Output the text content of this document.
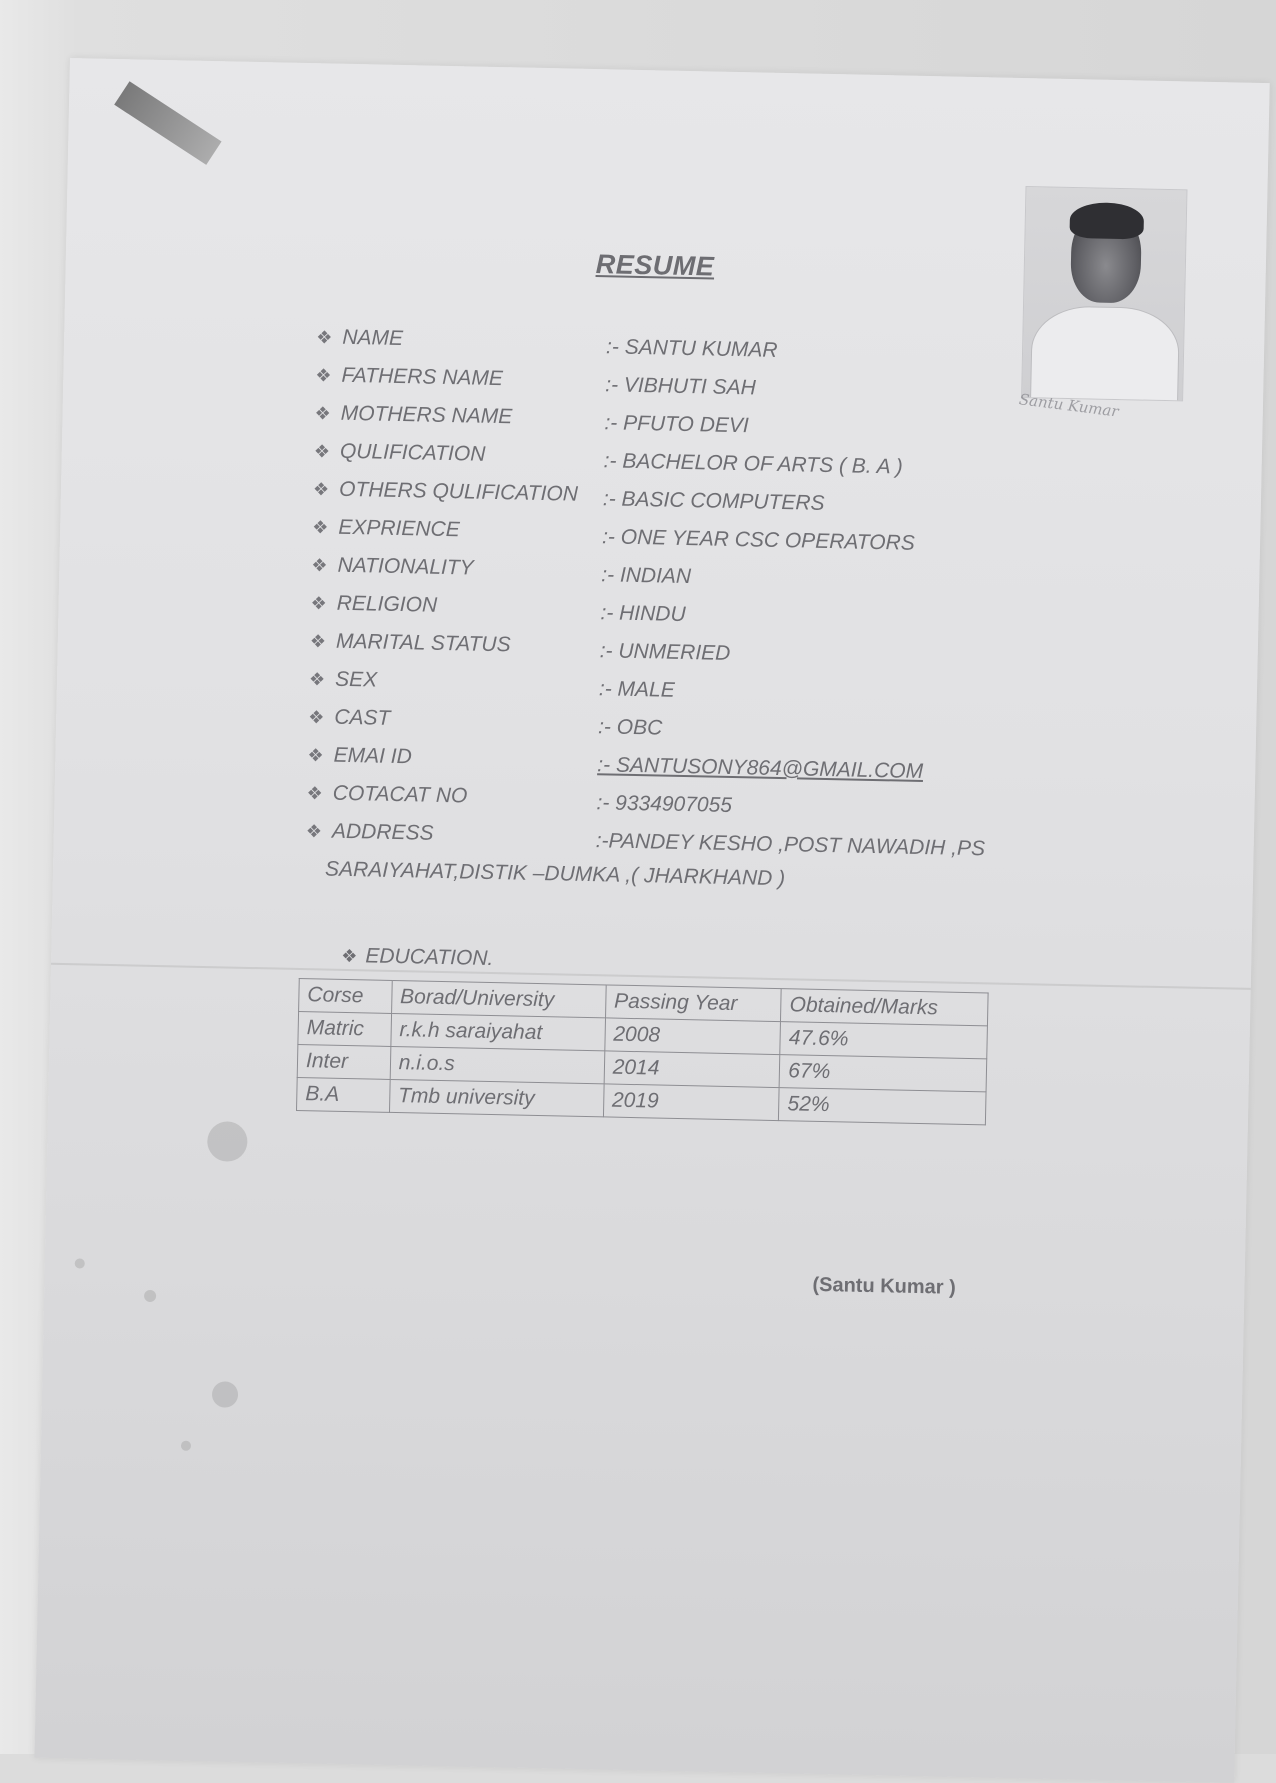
RESUME
Santu Kumar
❖ NAME	:- SANTU KUMAR
❖ FATHERS NAME	:- VIBHUTI SAH
❖ MOTHERS NAME	:- PFUTO DEVI
❖ QULIFICATION	:- BACHELOR OF ARTS ( B. A )
❖ OTHERS QULIFICATION :- BASIC COMPUTERS
❖ EXPRIENCE	:- ONE YEAR CSC OPERATORS
❖ NATIONALITY	:- INDIAN
❖ RELIGION	:- HINDU
❖ MARITAL STATUS	:- UNMERIED
❖ SEX	:- MALE
❖ CAST	:- OBC
❖ EMAI ID	:- SANTUSONY864@GMAIL.COM
❖ COTACAT NO	:- 9334907055
❖ ADDRESS	:-PANDEY KESHO ,POST NAWADIH ,PS
SARAIYAHAT,DISTIK –DUMKA ,( JHARKHAND )
❖ EDUCATION.
Corse	Borad/University	Passing Year	Obtained/Marks
Matric	r.k.h saraiyahat	2008	47.6%
Inter	n.i.o.s	2014	67%
B.A	Tmb university	2019	52%
(Santu Kumar )
